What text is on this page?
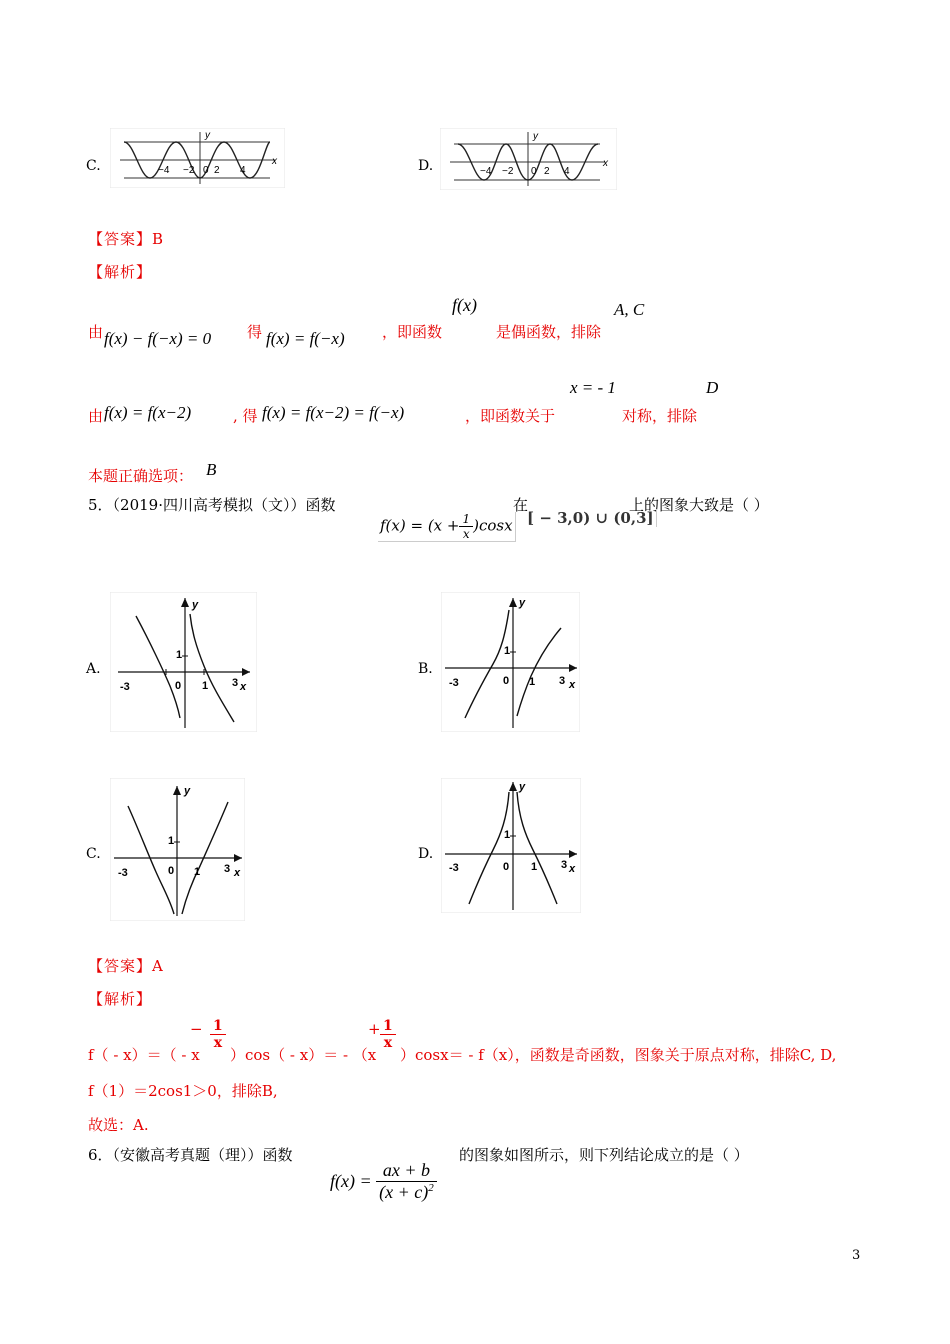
C.
y
x
−4 −2 0 2 4	D.
y
x
−4 −2 0 2 4
【答案】B
【解析】
由 f(x) − f(−x) = 0 得 f(x) = f(−x) ，即函数
f(x)
是偶函数，排除
A, C
由 f(x) = f(x−2)	, 得 f(x) = f(x−2) = f(−x)	，即函数关于
x = - 1
对称，排除
D
本题正确选项： B
5．（2019·四川高考模拟（文））函数	在	上的图象大致是（ ）
$f(x) = (x + \frac{1}{x} )\cos x$ [ − 3,0) ∪ (0,3]
A.
y
x
-3	0 1
1
3
B.
y
x
-3	0 1
1
3
C.
y
x
-3	0 1
1
3
D.
y
x
-3	0 1
1
3
【答案】A
【解析】
f（ - x）＝（ - x
− $\frac{1}{x}$
）cos（ - x）＝ - （x
+ $\frac{1}{x}$
）cosx＝ - f（x），函数是奇函数，图象关于原点对称，排除C, D,
f（1）＝2cos1＞0，排除B,
故选：A.
6．（安徽高考真题（理））函数	的图象如图所示，则下列结论成立的是（ ）
$f(x) = \frac{ax + b}{(x + c)^2}$
3
